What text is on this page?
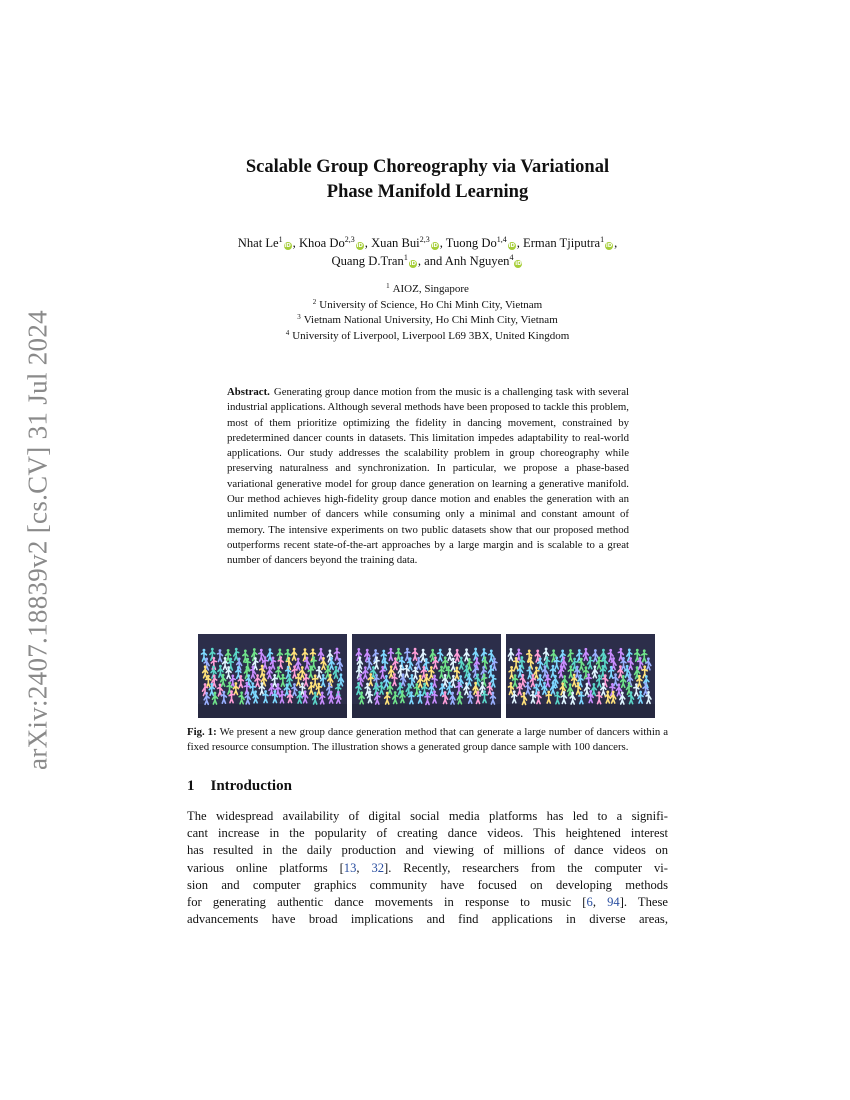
arXiv:2407.18839v2 [cs.CV] 31 Jul 2024
Scalable Group Choreography via Variational
Phase Manifold Learning
Nhat Le$^1$iD , Khoa Do$^{2,3}$iD , Xuan Bui$^{2,3}$iD , Tuong Do$^{1,4}$iD , Erman Tjiputra$^1$iD ,
Quang D.Tran$^1$iD , and Anh Nguyen$^4$iD
$^1$ AIOZ, Singapore
$^2$ University of Science, Ho Chi Minh City, Vietnam
$^3$ Vietnam National University, Ho Chi Minh City, Vietnam
$^4$ University of Liverpool, Liverpool L69 3BX, United Kingdom
Abstract. Generating group dance motion from the music is a challenging task with several industrial applications. Although several methods have been proposed to tackle this problem, most of them prioritize optimizing the fidelity in dancing movement, constrained by predetermined dancer counts in datasets. This limitation impedes adaptability to real-world applications. Our study addresses the scalability problem in group choreography while preserving naturalness and synchronization. In particular, we propose a phase-based variational generative model for group dance generation on learning a generative manifold. Our method achieves high-fidelity group dance motion and enables the generation with an unlimited number of dancers while consuming only a minimal and constant amount of memory. The intensive experiments on two public datasets show that our proposed method outperforms recent state-of-the-art approaches by a large margin and is scalable to a great number of dancers beyond the training data.
Fig. 1: We present a new group dance generation method that can generate a large number of dancers within a fixed resource consumption. The illustration shows a generated group dance sample with 100 dancers.
1 Introduction
The widespread availability of digital social media platforms has led to a signifi-
cant increase in the popularity of creating dance videos. This heightened interest
has resulted in the daily production and viewing of millions of dance videos on
various online platforms [13, 32]. Recently, researchers from the computer vi-
sion and computer graphics community have focused on developing methods
for generating authentic dance movements in response to music [6, 94]. These
advancements have broad implications and find applications in diverse areas,
